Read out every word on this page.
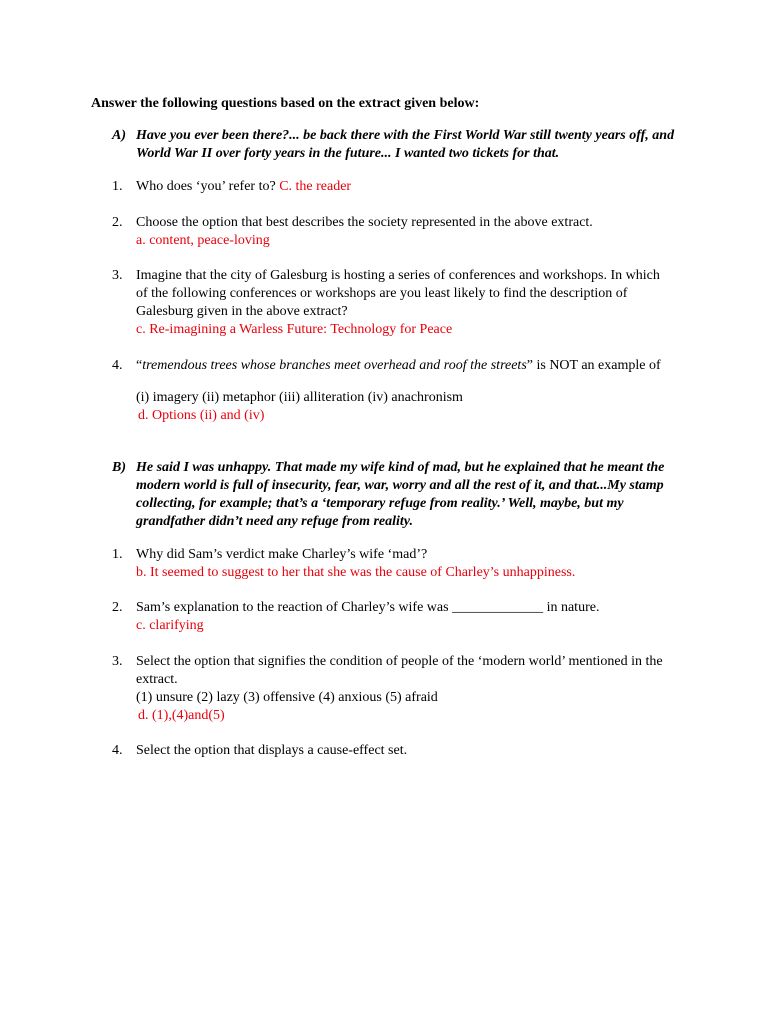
Answer the following questions based on the extract given below:
A) Have you ever been there?... be back there with the First World War still twenty years off, and World War II over forty years in the future... I wanted two tickets for that.
1. Who does ‘you’ refer to? C. the reader
2. Choose the option that best describes the society represented in the above extract.
a. content, peace-loving
3. Imagine that the city of Galesburg is hosting a series of conferences and workshops. In which of the following conferences or workshops are you least likely to find the description of Galesburg given in the above extract?
c. Re-imagining a Warless Future: Technology for Peace
4. “tremendous trees whose branches meet overhead and roof the streets” is NOT an example of
(i) imagery (ii) metaphor (iii) alliteration (iv) anachronism
d. Options (ii) and (iv)
B) He said I was unhappy. That made my wife kind of mad, but he explained that he meant the modern world is full of insecurity, fear, war, worry and all the rest of it, and that...My stamp collecting, for example; that’s a ‘temporary refuge from reality.’ Well, maybe, but my grandfather didn’t need any refuge from reality.
1. Why did Sam’s verdict make Charley’s wife ‘mad’?
b. It seemed to suggest to her that she was the cause of Charley’s unhappiness.
2. Sam’s explanation to the reaction of Charley’s wife was _____________ in nature.
c. clarifying
3. Select the option that signifies the condition of people of the ‘modern world’ mentioned in the extract.
(1) unsure (2) lazy (3) offensive (4) anxious (5) afraid
d. (1),(4)and(5)
4. Select the option that displays a cause-effect set.
